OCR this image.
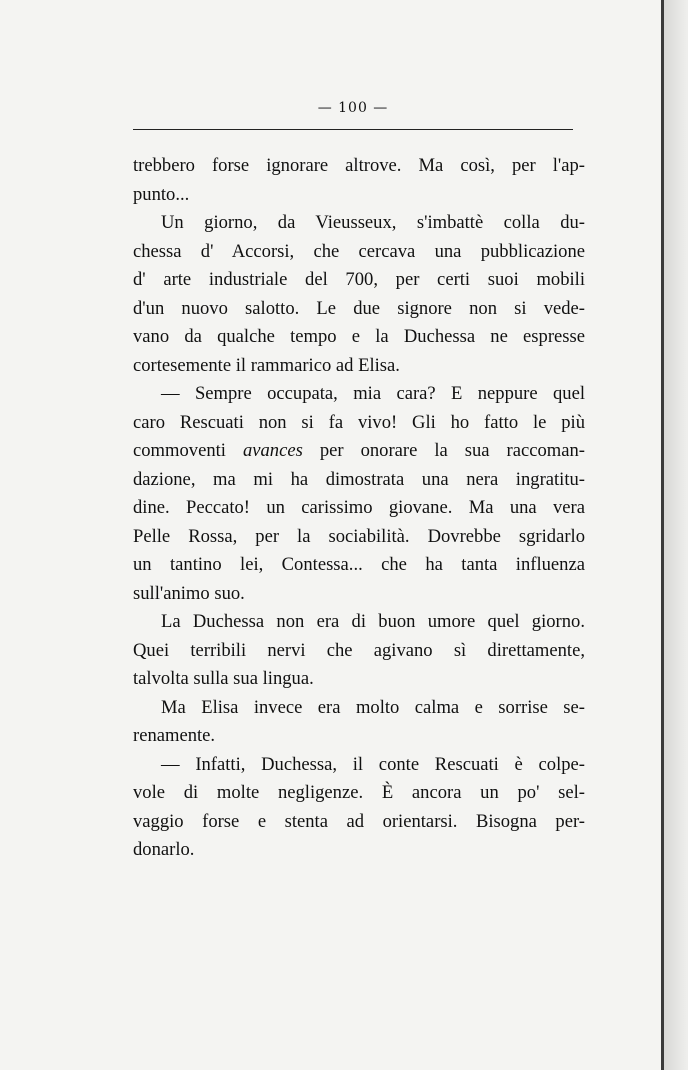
— 100 —
trebbero forse ignorare altrove. Ma così, per l'ap-
punto...
Un giorno, da Vieusseux, s'imbattè colla du-
chessa d' Accorsi, che cercava una pubblicazione
d' arte industriale del 700, per certi suoi mobili
d'un nuovo salotto. Le due signore non si vede-
vano da qualche tempo e la Duchessa ne espresse
cortesemente il rammarico ad Elisa.
— Sempre occupata, mia cara? E neppure quel
caro Rescuati non si fa vivo! Gli ho fatto le più
commoventi avances per onorare la sua raccoman-
dazione, ma mi ha dimostrata una nera ingratitu-
dine. Peccato! un carissimo giovane. Ma una vera
Pelle Rossa, per la sociabilità. Dovrebbe sgridarlo
un tantino lei, Contessa... che ha tanta influenza
sull'animo suo.
La Duchessa non era di buon umore quel giorno.
Quei terribili nervi che agivano sì direttamente,
talvolta sulla sua lingua.
Ma Elisa invece era molto calma e sorrise se-
renamente.
— Infatti, Duchessa, il conte Rescuati è colpe-
vole di molte negligenze. È ancora un po' sel-
vaggio forse e stenta ad orientarsi. Bisogna per-
donarlo.
